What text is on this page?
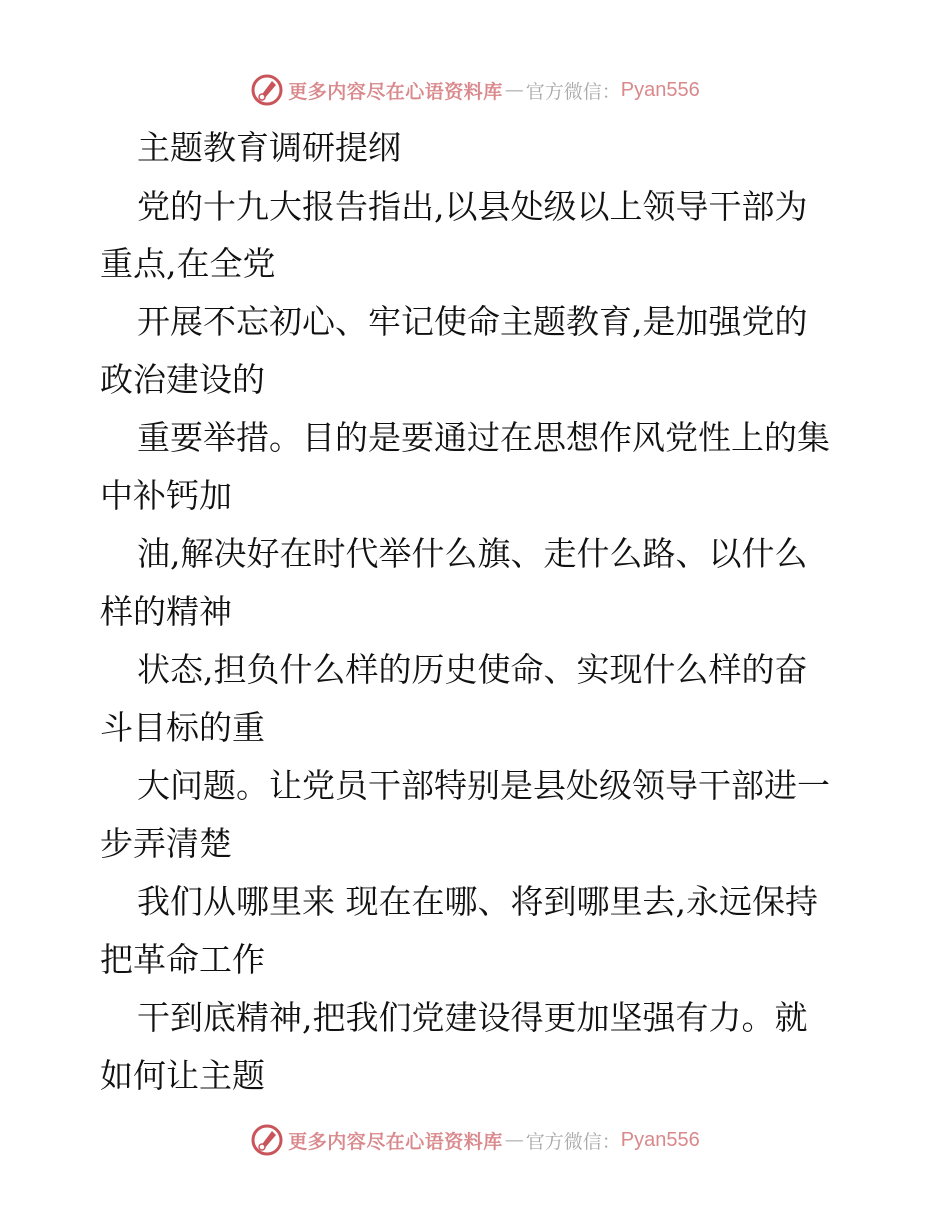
更多内容尽在心语资料库 — 官方微信： Pyan556
主题教育调研提纲
党的十九大报告指出,以县处级以上领导干部为
重点,在全党
开展不忘初心、牢记使命主题教育,是加强党的
政治建设的
重要举措。目的是要通过在思想作风党性上的集
中补钙加
油,解决好在时代举什么旗、走什么路、以什么
样的精神
状态,担负什么样的历史使命、实现什么样的奋
斗目标的重
大问题。让党员干部特别是县处级领导干部进一
步弄清楚
我们从哪里来 现在在哪、将到哪里去,永远保持
把革命工作
干到底精神,把我们党建设得更加坚强有力。就
如何让主题
更多内容尽在心语资料库 — 官方微信： Pyan556
